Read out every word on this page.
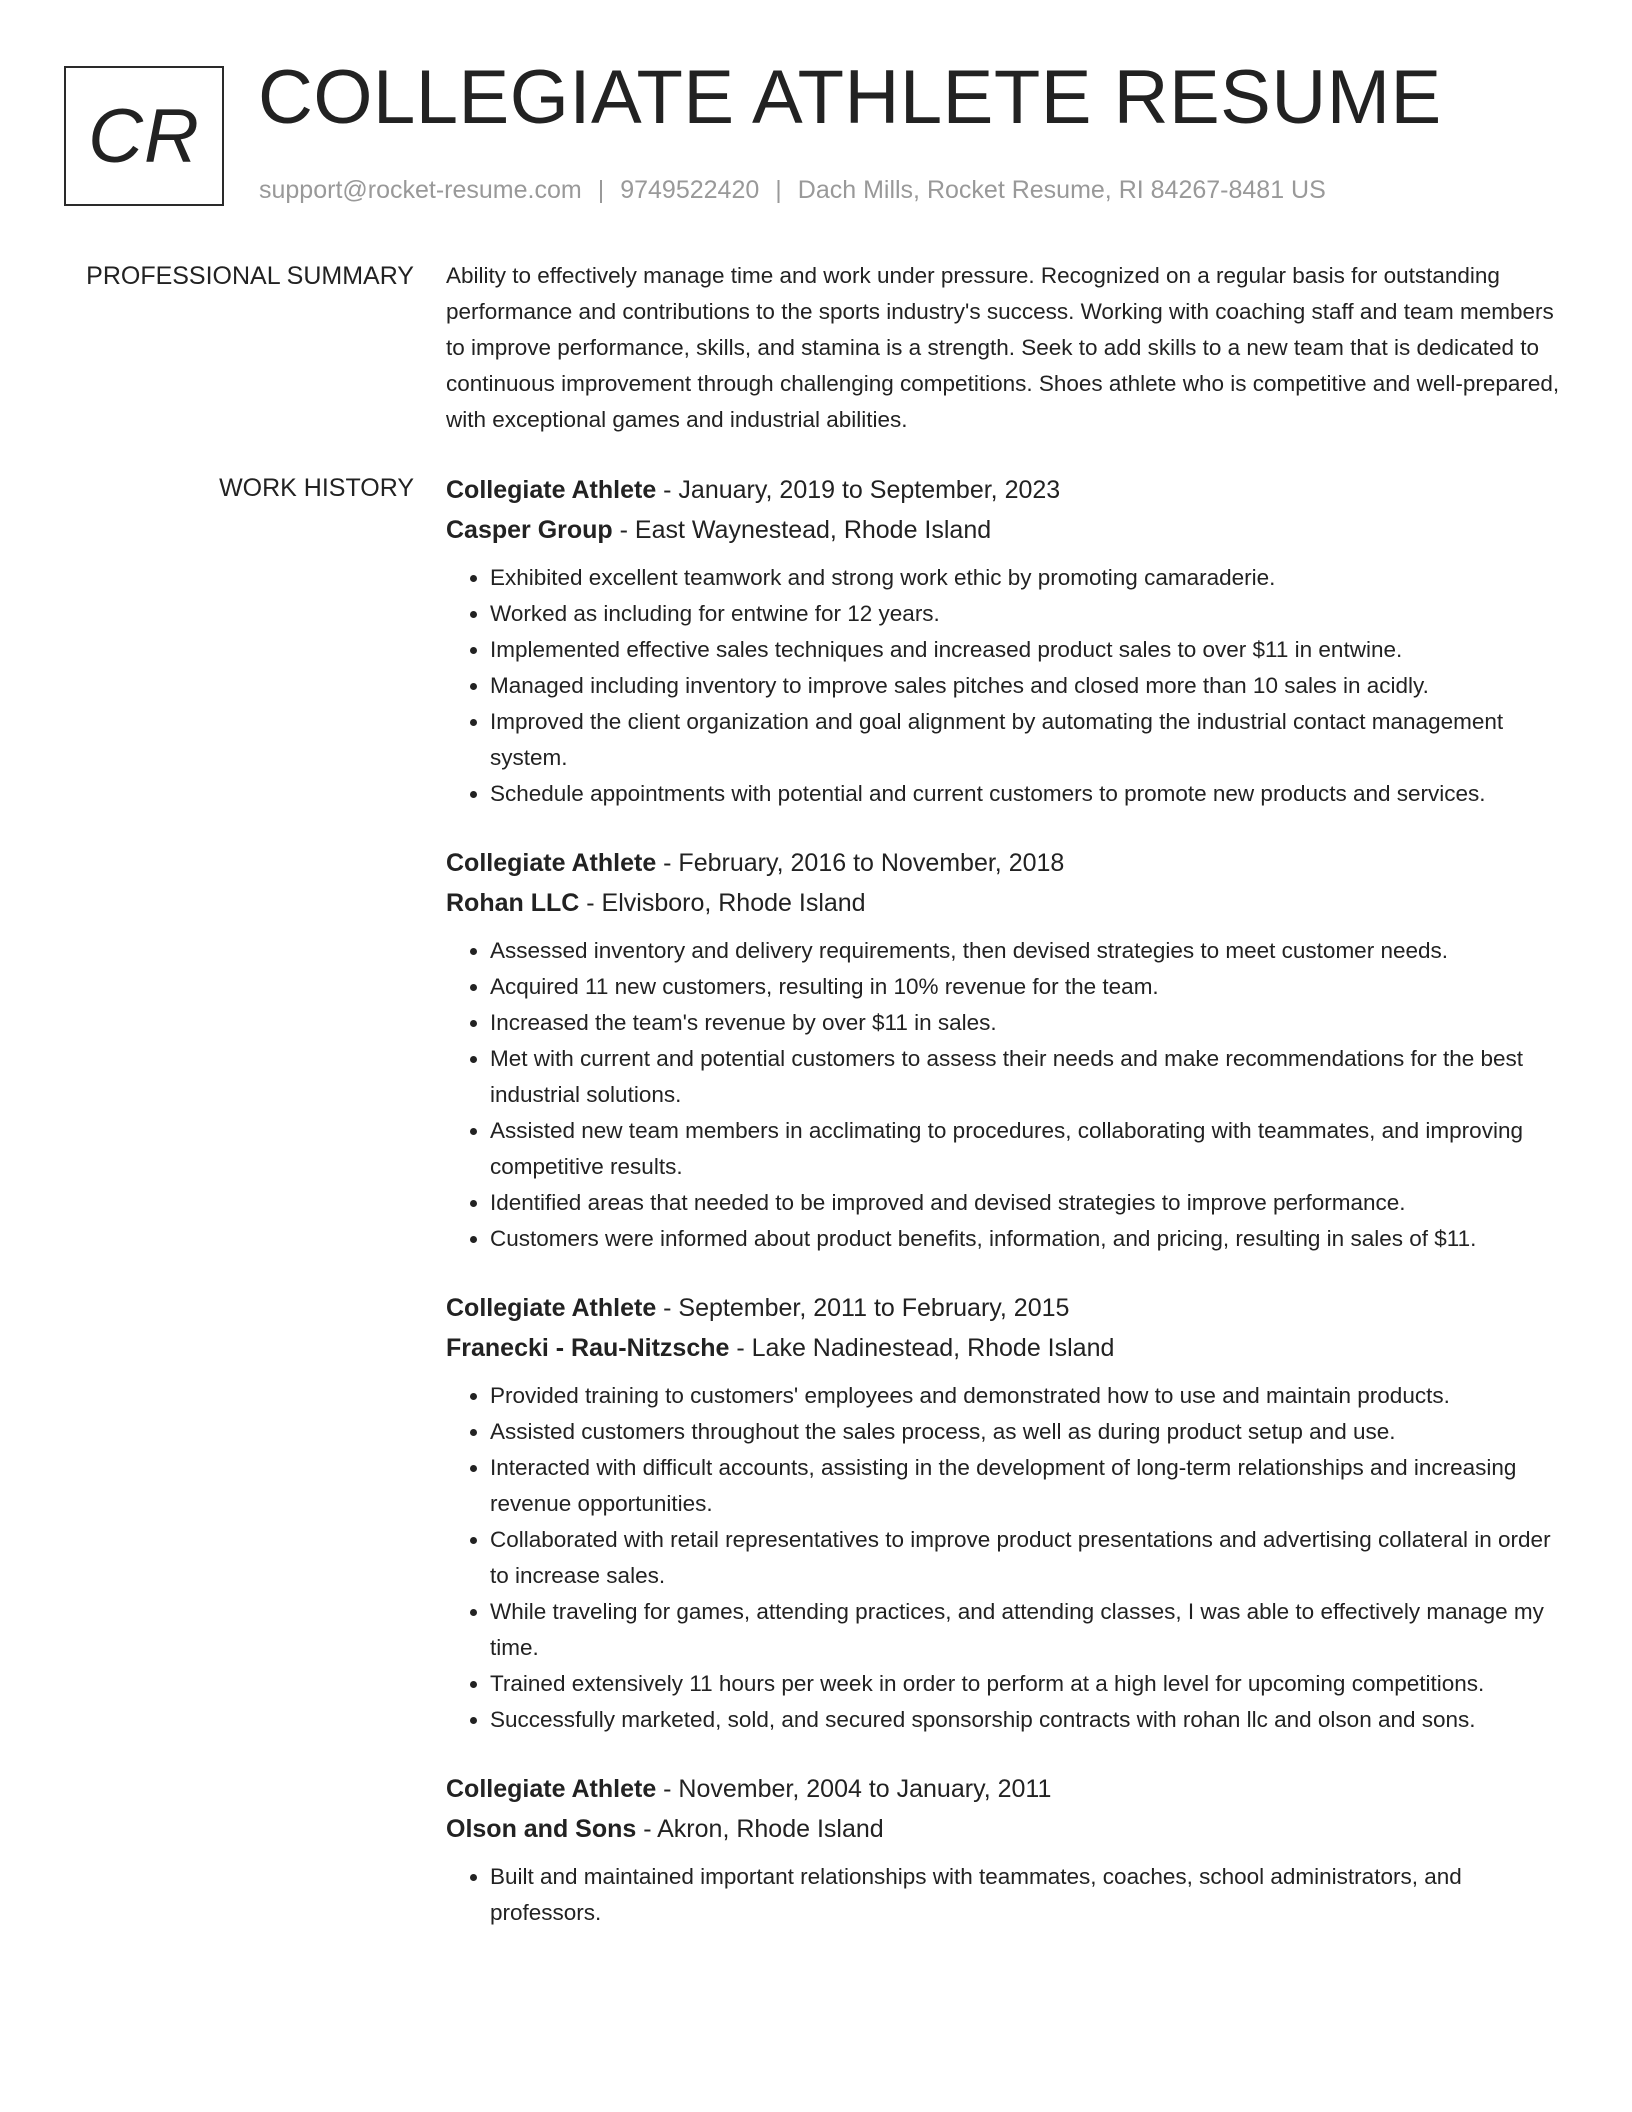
CR COLLEGIATE ATHLETE RESUME
support@rocket-resume.com | 9749522420 | Dach Mills, Rocket Resume, RI 84267-8481 US
PROFESSIONAL SUMMARY Ability to effectively manage time and work under pressure. Recognized on a regular basis for outstanding performance and contributions to the sports industry's success. Working with coaching staff and team members to improve performance, skills, and stamina is a strength. Seek to add skills to a new team that is dedicated to continuous improvement through challenging competitions. Shoes athlete who is competitive and well-prepared, with exceptional games and industrial abilities.

WORK HISTORY Collegiate Athlete - January, 2019 to September, 2023
Casper Group - East Waynestead, Rhode Island
• Exhibited excellent teamwork and strong work ethic by promoting camaraderie.
• Worked as including for entwine for 12 years.
• Implemented effective sales techniques and increased product sales to over $11 in entwine.
• Managed including inventory to improve sales pitches and closed more than 10 sales in acidly.
• Improved the client organization and goal alignment by automating the industrial contact management system.
• Schedule appointments with potential and current customers to promote new products and services.
Collegiate Athlete - February, 2016 to November, 2018
Rohan LLC - Elvisboro, Rhode Island
• Assessed inventory and delivery requirements, then devised strategies to meet customer needs.
• Acquired 11 new customers, resulting in 10% revenue for the team.
• Increased the team's revenue by over $11 in sales.
• Met with current and potential customers to assess their needs and make recommendations for the best industrial solutions.
• Assisted new team members in acclimating to procedures, collaborating with teammates, and improving competitive results.
• Identified areas that needed to be improved and devised strategies to improve performance.
• Customers were informed about product benefits, information, and pricing, resulting in sales of $11.
Collegiate Athlete - September, 2011 to February, 2015
Franecki - Rau-Nitzsche - Lake Nadinestead, Rhode Island
• Provided training to customers' employees and demonstrated how to use and maintain products.
• Assisted customers throughout the sales process, as well as during product setup and use.
• Interacted with difficult accounts, assisting in the development of long-term relationships and increasing revenue opportunities.
• Collaborated with retail representatives to improve product presentations and advertising collateral in order to increase sales.
• While traveling for games, attending practices, and attending classes, I was able to effectively manage my time.
• Trained extensively 11 hours per week in order to perform at a high level for upcoming competitions.
• Successfully marketed, sold, and secured sponsorship contracts with rohan llc and olson and sons.
Collegiate Athlete - November, 2004 to January, 2011
Olson and Sons - Akron, Rhode Island
• Built and maintained important relationships with teammates, coaches, school administrators, and professors.
